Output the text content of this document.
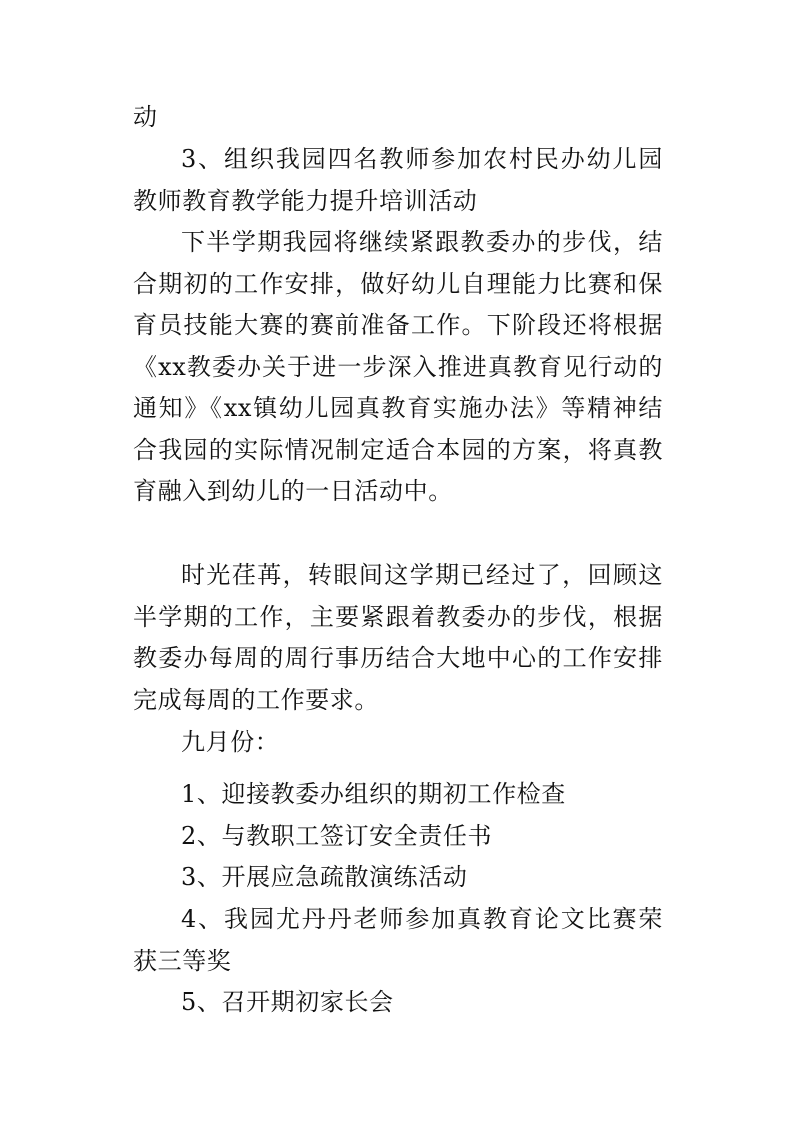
动

3、组织我园四名教师参加农村民办幼儿园教师教育教学能力提升培训活动

下半学期我园将继续紧跟教委办的步伐，结合期初的工作安排，做好幼儿自理能力比赛和保育员技能大赛的赛前准备工作。下阶段还将根据《xx教委办关于进一步深入推进真教育见行动的通知》《xx镇幼儿园真教育实施办法》等精神结合我园的实际情况制定适合本园的方案，将真教育融入到幼儿的一日活动中。

时光荏苒，转眼间这学期已经过了，回顾这半学期的工作，主要紧跟着教委办的步伐，根据教委办每周的周行事历结合大地中心的工作安排完成每周的工作要求。

九月份：

1、迎接教委办组织的期初工作检查

2、与教职工签订安全责任书

3、开展应急疏散演练活动

4、我园尤丹丹老师参加真教育论文比赛荣获三等奖

5、召开期初家长会
